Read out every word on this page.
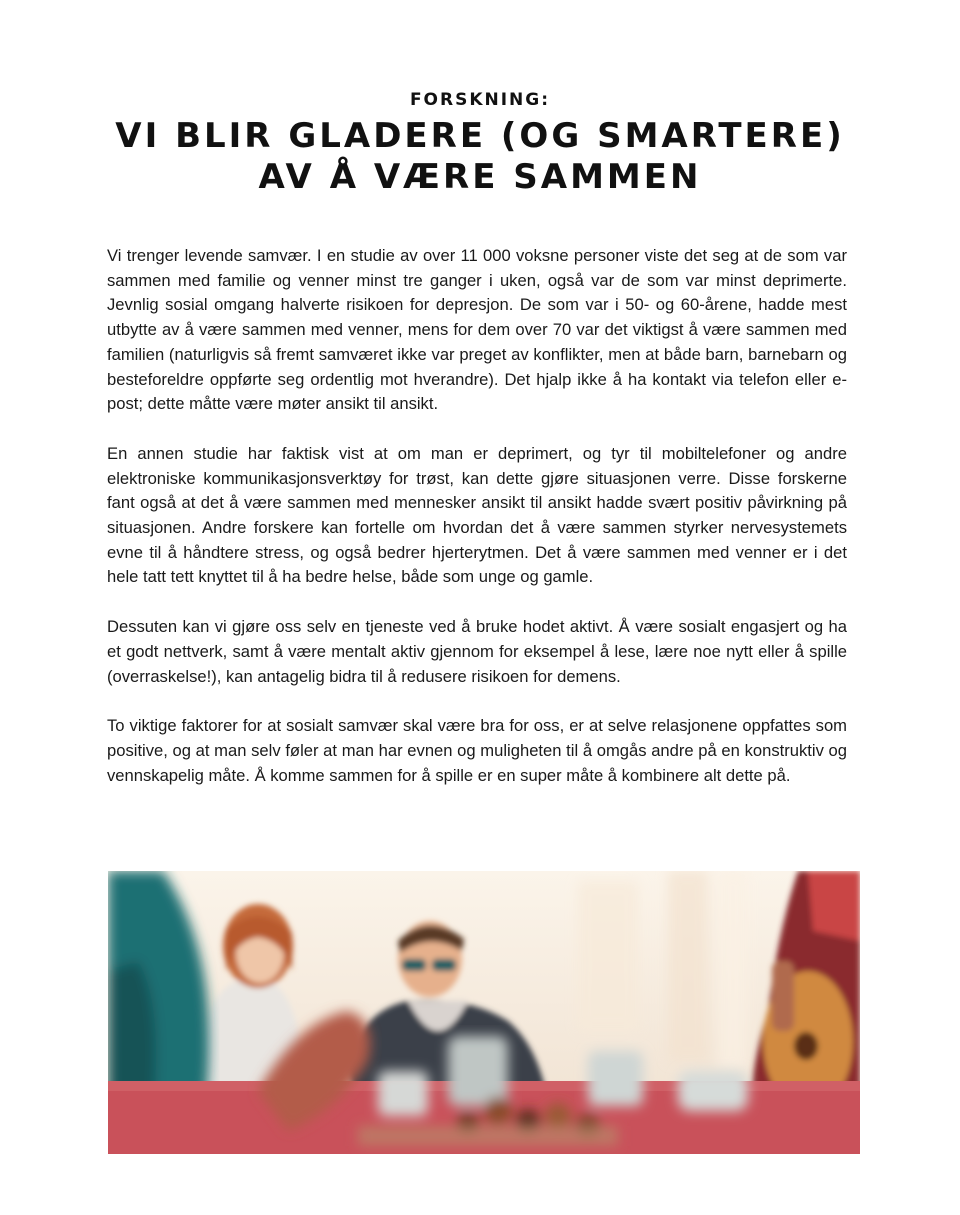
FORSKNING:
VI BLIR GLADERE (OG SMARTERE) AV Å VÆRE SAMMEN

Vi trenger levende samvær. I en studie av over 11 000 voksne personer viste det seg at de som var sammen med familie og venner minst tre ganger i uken, også var de som var minst deprimerte. Jevnlig sosial omgang halverte risikoen for depresjon. De som var i 50- og 60-årene, hadde mest utbytte av å være sammen med venner, mens for dem over 70 var det viktigst å være sammen med familien (naturligvis så fremt samværet ikke var preget av konflikter, men at både barn, barnebarn og besteforeldre oppførte seg ordentlig mot hverandre). Det hjalp ikke å ha kontakt via telefon eller e-post; dette måtte være møter ansikt til ansikt.

En annen studie har faktisk vist at om man er deprimert, og tyr til mobiltelefoner og andre elektroniske kommunikasjonsverktøy for trøst, kan dette gjøre situasjonen verre. Disse forskerne fant også at det å være sammen med mennesker ansikt til ansikt hadde svært positiv påvirkning på situasjonen. Andre forskere kan fortelle om hvordan det å være sammen styrker nervesystemets evne til å håndtere stress, og også bedrer hjerterytmen. Det å være sammen med venner er i det hele tatt tett knyttet til å ha bedre helse, både som unge og gamle.

Dessuten kan vi gjøre oss selv en tjeneste ved å bruke hodet aktivt. Å være sosialt engasjert og ha et godt nettverk, samt å være mentalt aktiv gjennom for eksempel å lese, lære noe nytt eller å spille (overraskelse!), kan antagelig bidra til å redusere risikoen for demens.

To viktige faktorer for at sosialt samvær skal være bra for oss, er at selve relasjonene oppfattes som positive, og at man selv føler at man har evnen og muligheten til å omgås andre på en konstruktiv og vennskapelig måte. Å komme sammen for å spille er en super måte å kombinere alt dette på.
